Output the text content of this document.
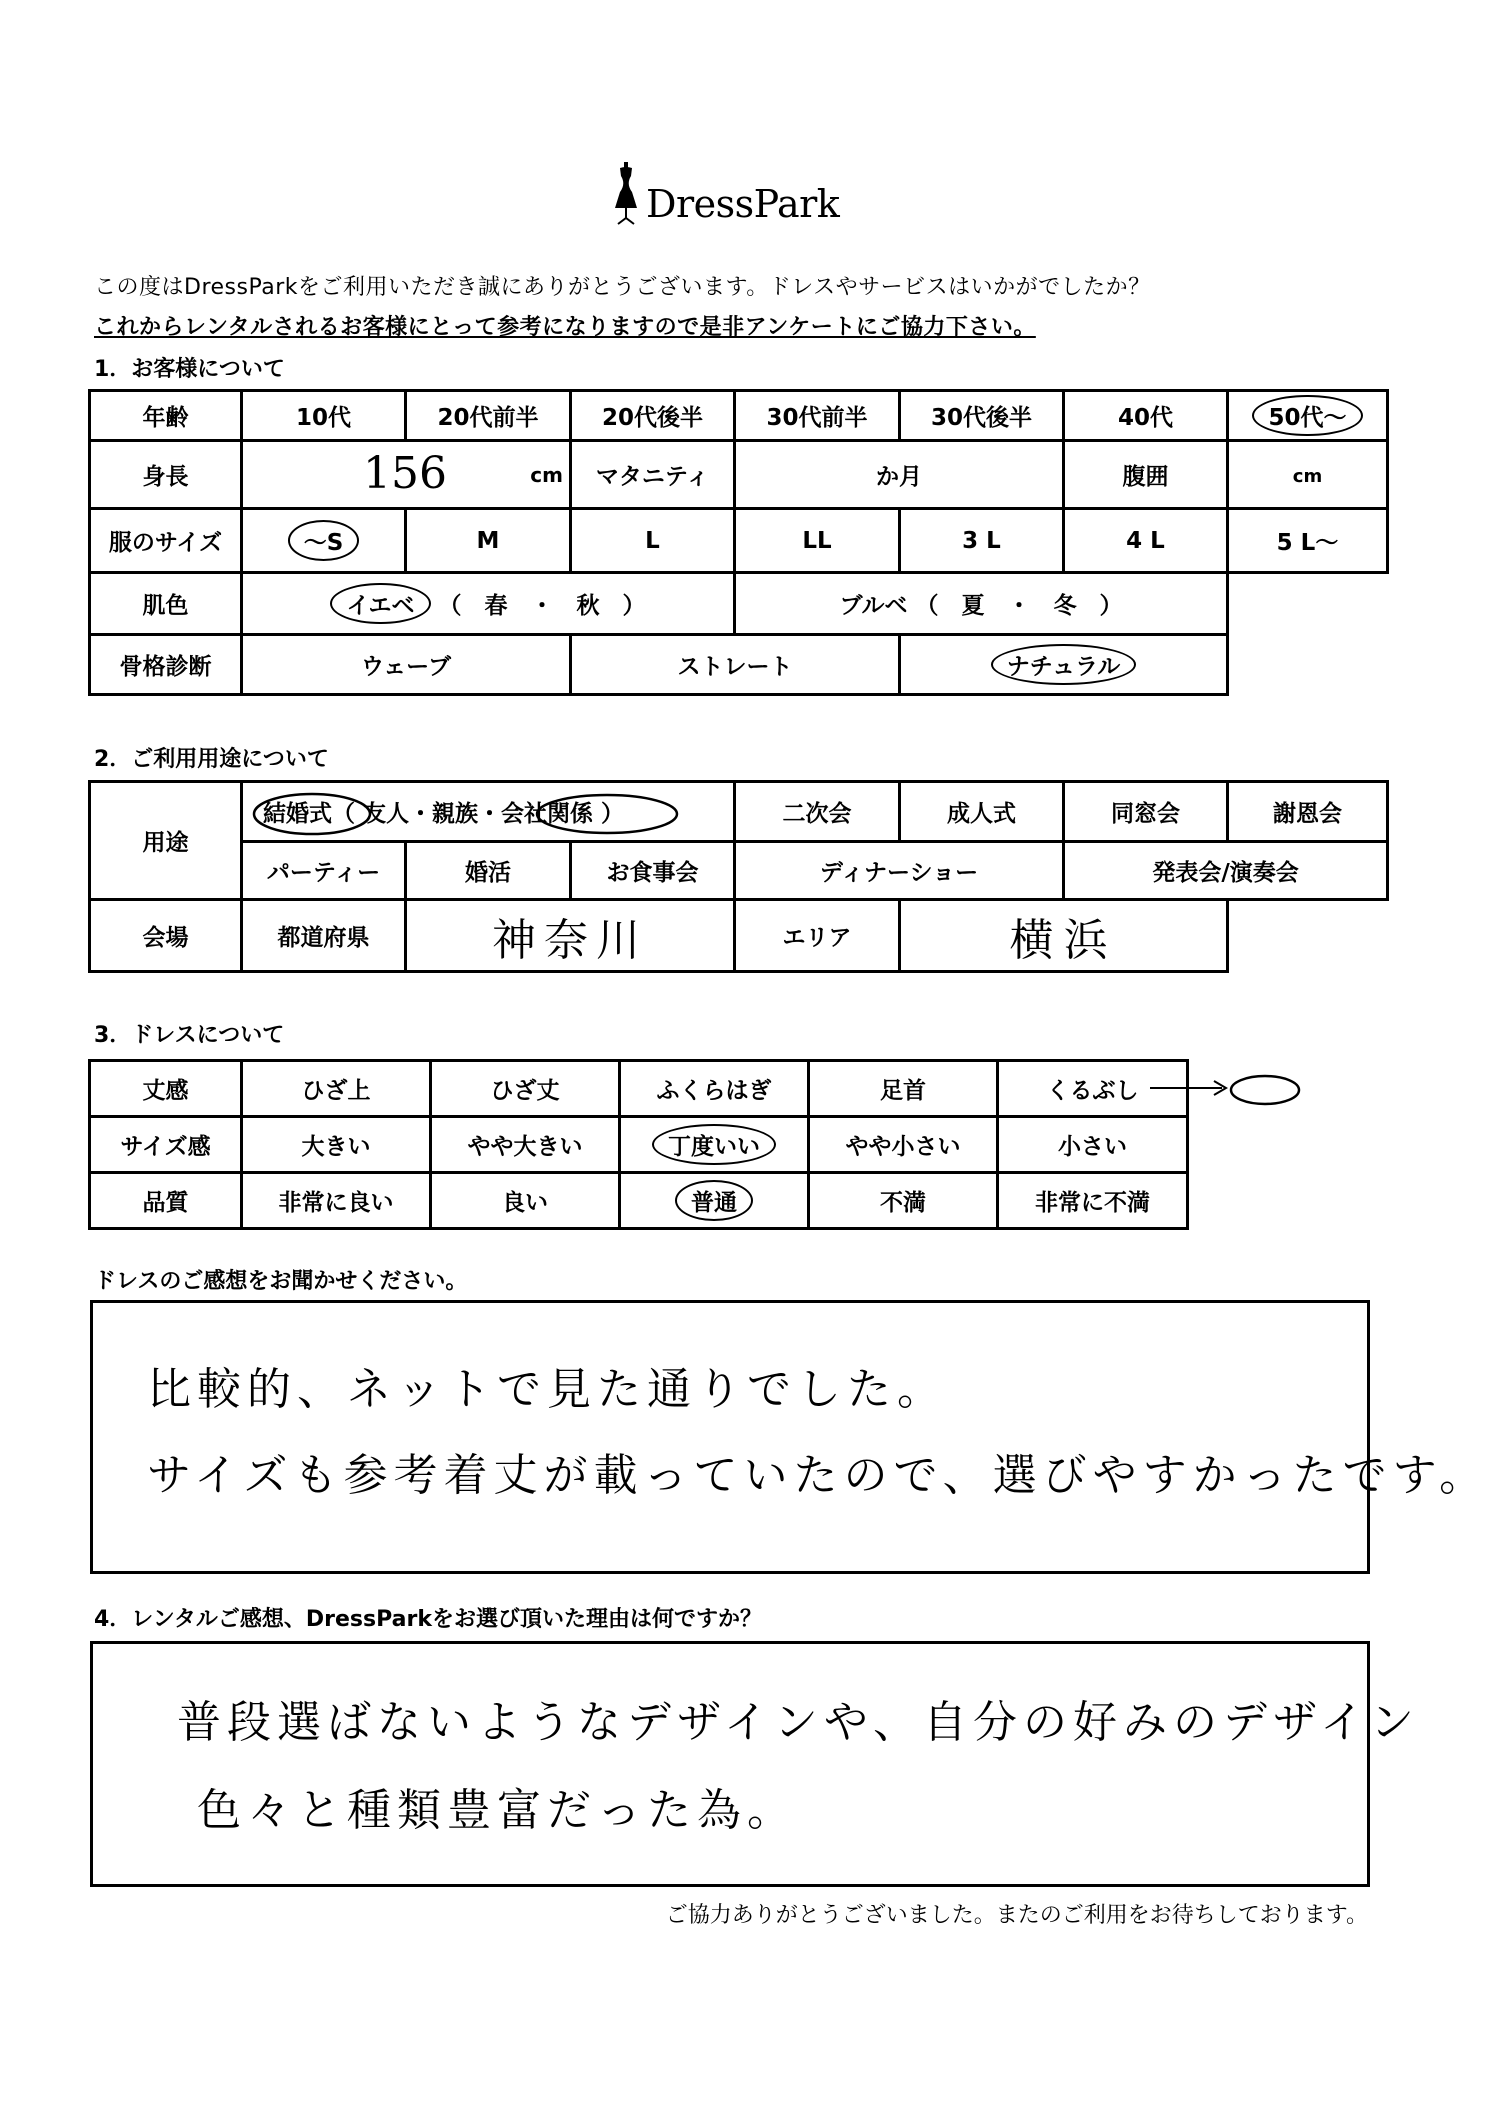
DressPark
この度はDressParkをご利用いただき誠にありがとうございます。ドレスやサービスはいかがでしたか？
これからレンタルされるお客様にとって参考になりますので是非アンケートにご協力下さい。
1．お客様について
年齢	10代	20代前半	20代後半	30代前半	30代後半	40代	50代～
身長	156 cm		マタニティ	か月		腹囲	cm
服のサイズ	～S	M	L	LL	3 L	4 L	5 L～
肌色	イエベ （　春　・　秋　）			ブルベ （　夏　・　冬　）			
骨格診断	ウェーブ		ストレート		ナチュラル		
2．ご利用用途について
用途	結婚式（ 友人・親族・会社関係 ）			二次会	成人式	同窓会	謝恩会
	パーティー	婚活	お食事会	ディナーショー		発表会/演奏会	
会場	都道府県	神奈川		エリア	横浜		
3．ドレスについて
丈感	ひざ上	ひざ丈	ふくらはぎ	足首	くるぶし
サイズ感	大きい	やや大きい	丁度いい	やや小さい	小さい
品質	非常に良い	良い	普通	不満	非常に不満
ドレスのご感想をお聞かせください。
比較的、ネットで見た通りでした。
サイズも参考着丈が載っていたので、選びやすかったです。
4．レンタルご感想、DressParkをお選び頂いた理由は何ですか？
普段選ばないようなデザインや、自分の好みのデザイン
色々と種類豊富だった為。
ご協力ありがとうございました。またのご利用をお待ちしております。
